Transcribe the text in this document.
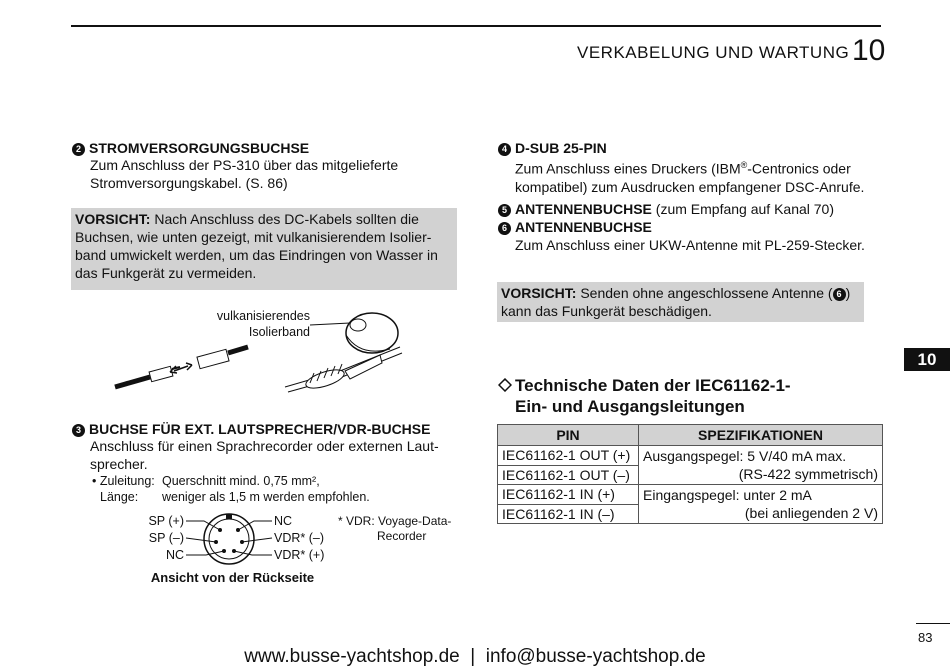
VERKABELUNG UND WARTUNG 10
2 STROMVERSORGUNGSBUCHSE
Zum Anschluss der PS-310 über das mitgelieferte
Stromversorgungskabel. (S. 86)
VORSICHT: Nach Anschluss des DC-Kabels sollten die
Buchsen, wie unten gezeigt, mit vulkanisierendem Isolier-
band umwickelt werden, um das Eindringen von Wasser in
das Funkgerät zu vermeiden.
vulkanisierendes
Isolierband
3 BUCHSE FÜR EXT. LAUTSPRECHER/VDR-BUCHSE
Anschluss für einen Sprachrecorder oder externen Laut-
sprecher.
• Zuleitung: Querschnitt mind. 0,75 mm²,
Länge: weniger als 1,5 m werden empfohlen.
SP (+)
SP (–)
NC
NC
VDR* (–)
VDR* (+)
* VDR: Voyage-Data-
Recorder
Ansicht von der Rückseite
4 D-SUB 25-PIN
Zum Anschluss eines Druckers (IBM®-Centronics oder
kompatibel) zum Ausdrucken empfangener DSC-Anrufe.
5 ANTENNENBUCHSE (zum Empfang auf Kanal 70)
6 ANTENNENBUCHSE
Zum Anschluss einer UKW-Antenne mit PL-259-Stecker.
VORSICHT: Senden ohne angeschlossene Antenne ( 6 )
kann das Funkgerät beschädigen.
Technische Daten der IEC61162-1-
Ein- und Ausgangsleitungen
PIN	SPEZIFIKATIONEN
IEC61162-1 OUT (+)	Ausgangspegel: 5 V/40 mA max.
(RS-422 symmetrisch)

IEC61162-1 OUT (–)	
IEC61162-1 IN (+)	Eingangspegel: unter 2 mA
(bei anliegenden 2 V)

IEC61162-1 IN (–)	
10
83
www.busse-yachtshop.de  |  info@busse-yachtshop.de
